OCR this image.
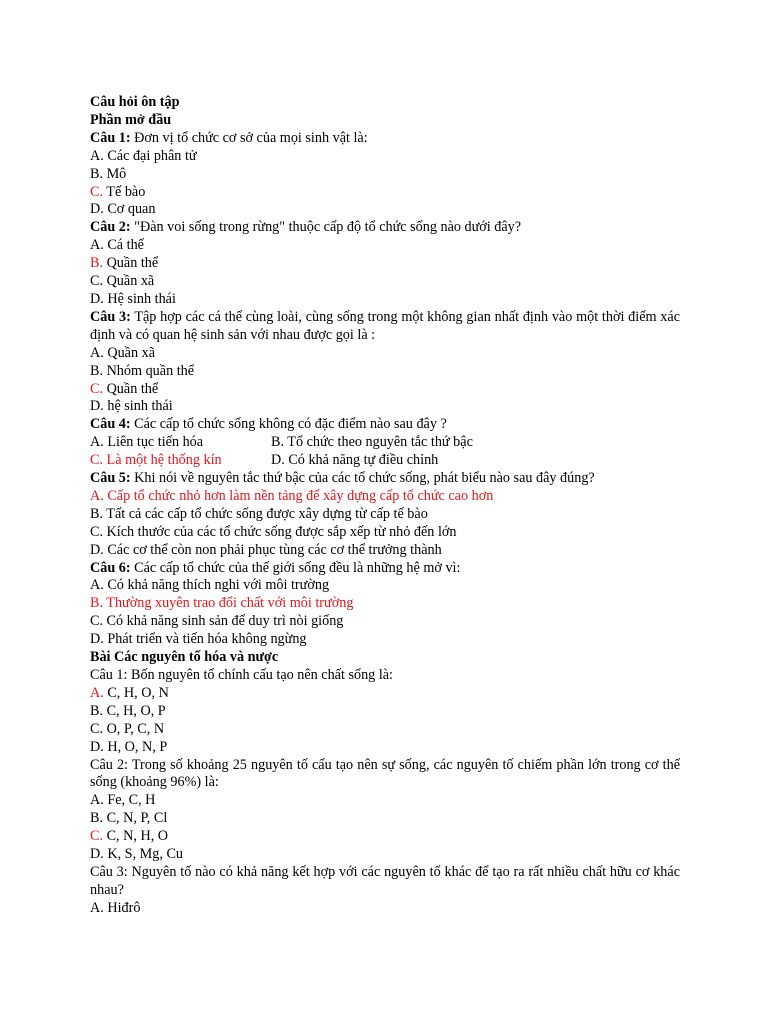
Câu hỏi ôn tập
Phần mở đầu
Câu 1: Đơn vị tổ chức cơ sở của mọi sinh vật là:
A. Các đại phân tử
B. Mô
C. Tế bào
D. Cơ quan
Câu 2: "Đàn voi sống trong rừng" thuộc cấp độ tổ chức sống nào dưới đây?
A. Cá thể
B. Quần thể
C. Quần xã
D. Hệ sinh thái
Câu 3: Tập hợp các cá thể cùng loài, cùng sống trong một không gian nhất định vào một thời điểm xác định và có quan hệ sinh sản với nhau được gọi là :
A. Quần xã
B. Nhóm quần thể
C. Quần thể
D. hệ sinh thái
Câu 4: Các cấp tổ chức sống không có đặc điểm nào sau đây ?
A. Liên tục tiến hóa	B. Tổ chức theo nguyên tắc thứ bậc
C. Là một hệ thống kín	D. Có khả năng tự điều chỉnh
Câu 5: Khi nói về nguyên tắc thứ bậc của các tổ chức sống, phát biểu nào sau đây đúng?
A. Cấp tổ chức nhỏ hơn làm nền tảng để xây dựng cấp tổ chức cao hơn
B. Tất cả các cấp tổ chức sống được xây dựng từ cấp tế bào
C. Kích thước của các tổ chức sống được sắp xếp từ nhỏ đến lớn
D. Các cơ thể còn non phải phục tùng các cơ thể trưởng thành
Câu 6: Các cấp tổ chức của thế giới sống đều là những hệ mở vì:
A. Có khả năng thích nghi với môi trường
B. Thường xuyên trao đổi chất với môi trường
C. Có khả năng sinh sản để duy trì nòi giống
D. Phát triển và tiến hóa không ngừng
Bài Các nguyên tố hóa và nược
Câu 1: Bốn nguyên tố chính cấu tạo nên chất sống là:
A. C, H, O, N
B. C, H, O, P
C. O, P, C, N
D. H, O, N, P
Câu 2: Trong số khoảng 25 nguyên tố cấu tạo nên sự sống, các nguyên tố chiếm phần lớn trong cơ thể sống (khoảng 96%) là:
A. Fe, C, H
B. C, N, P, Cl
C. C, N, H, O
D. K, S, Mg, Cu
Câu 3: Nguyên tố nào có khả năng kết hợp với các nguyên tố khác để tạo ra rất nhiều chất hữu cơ khác nhau?
A. Hiđrô
